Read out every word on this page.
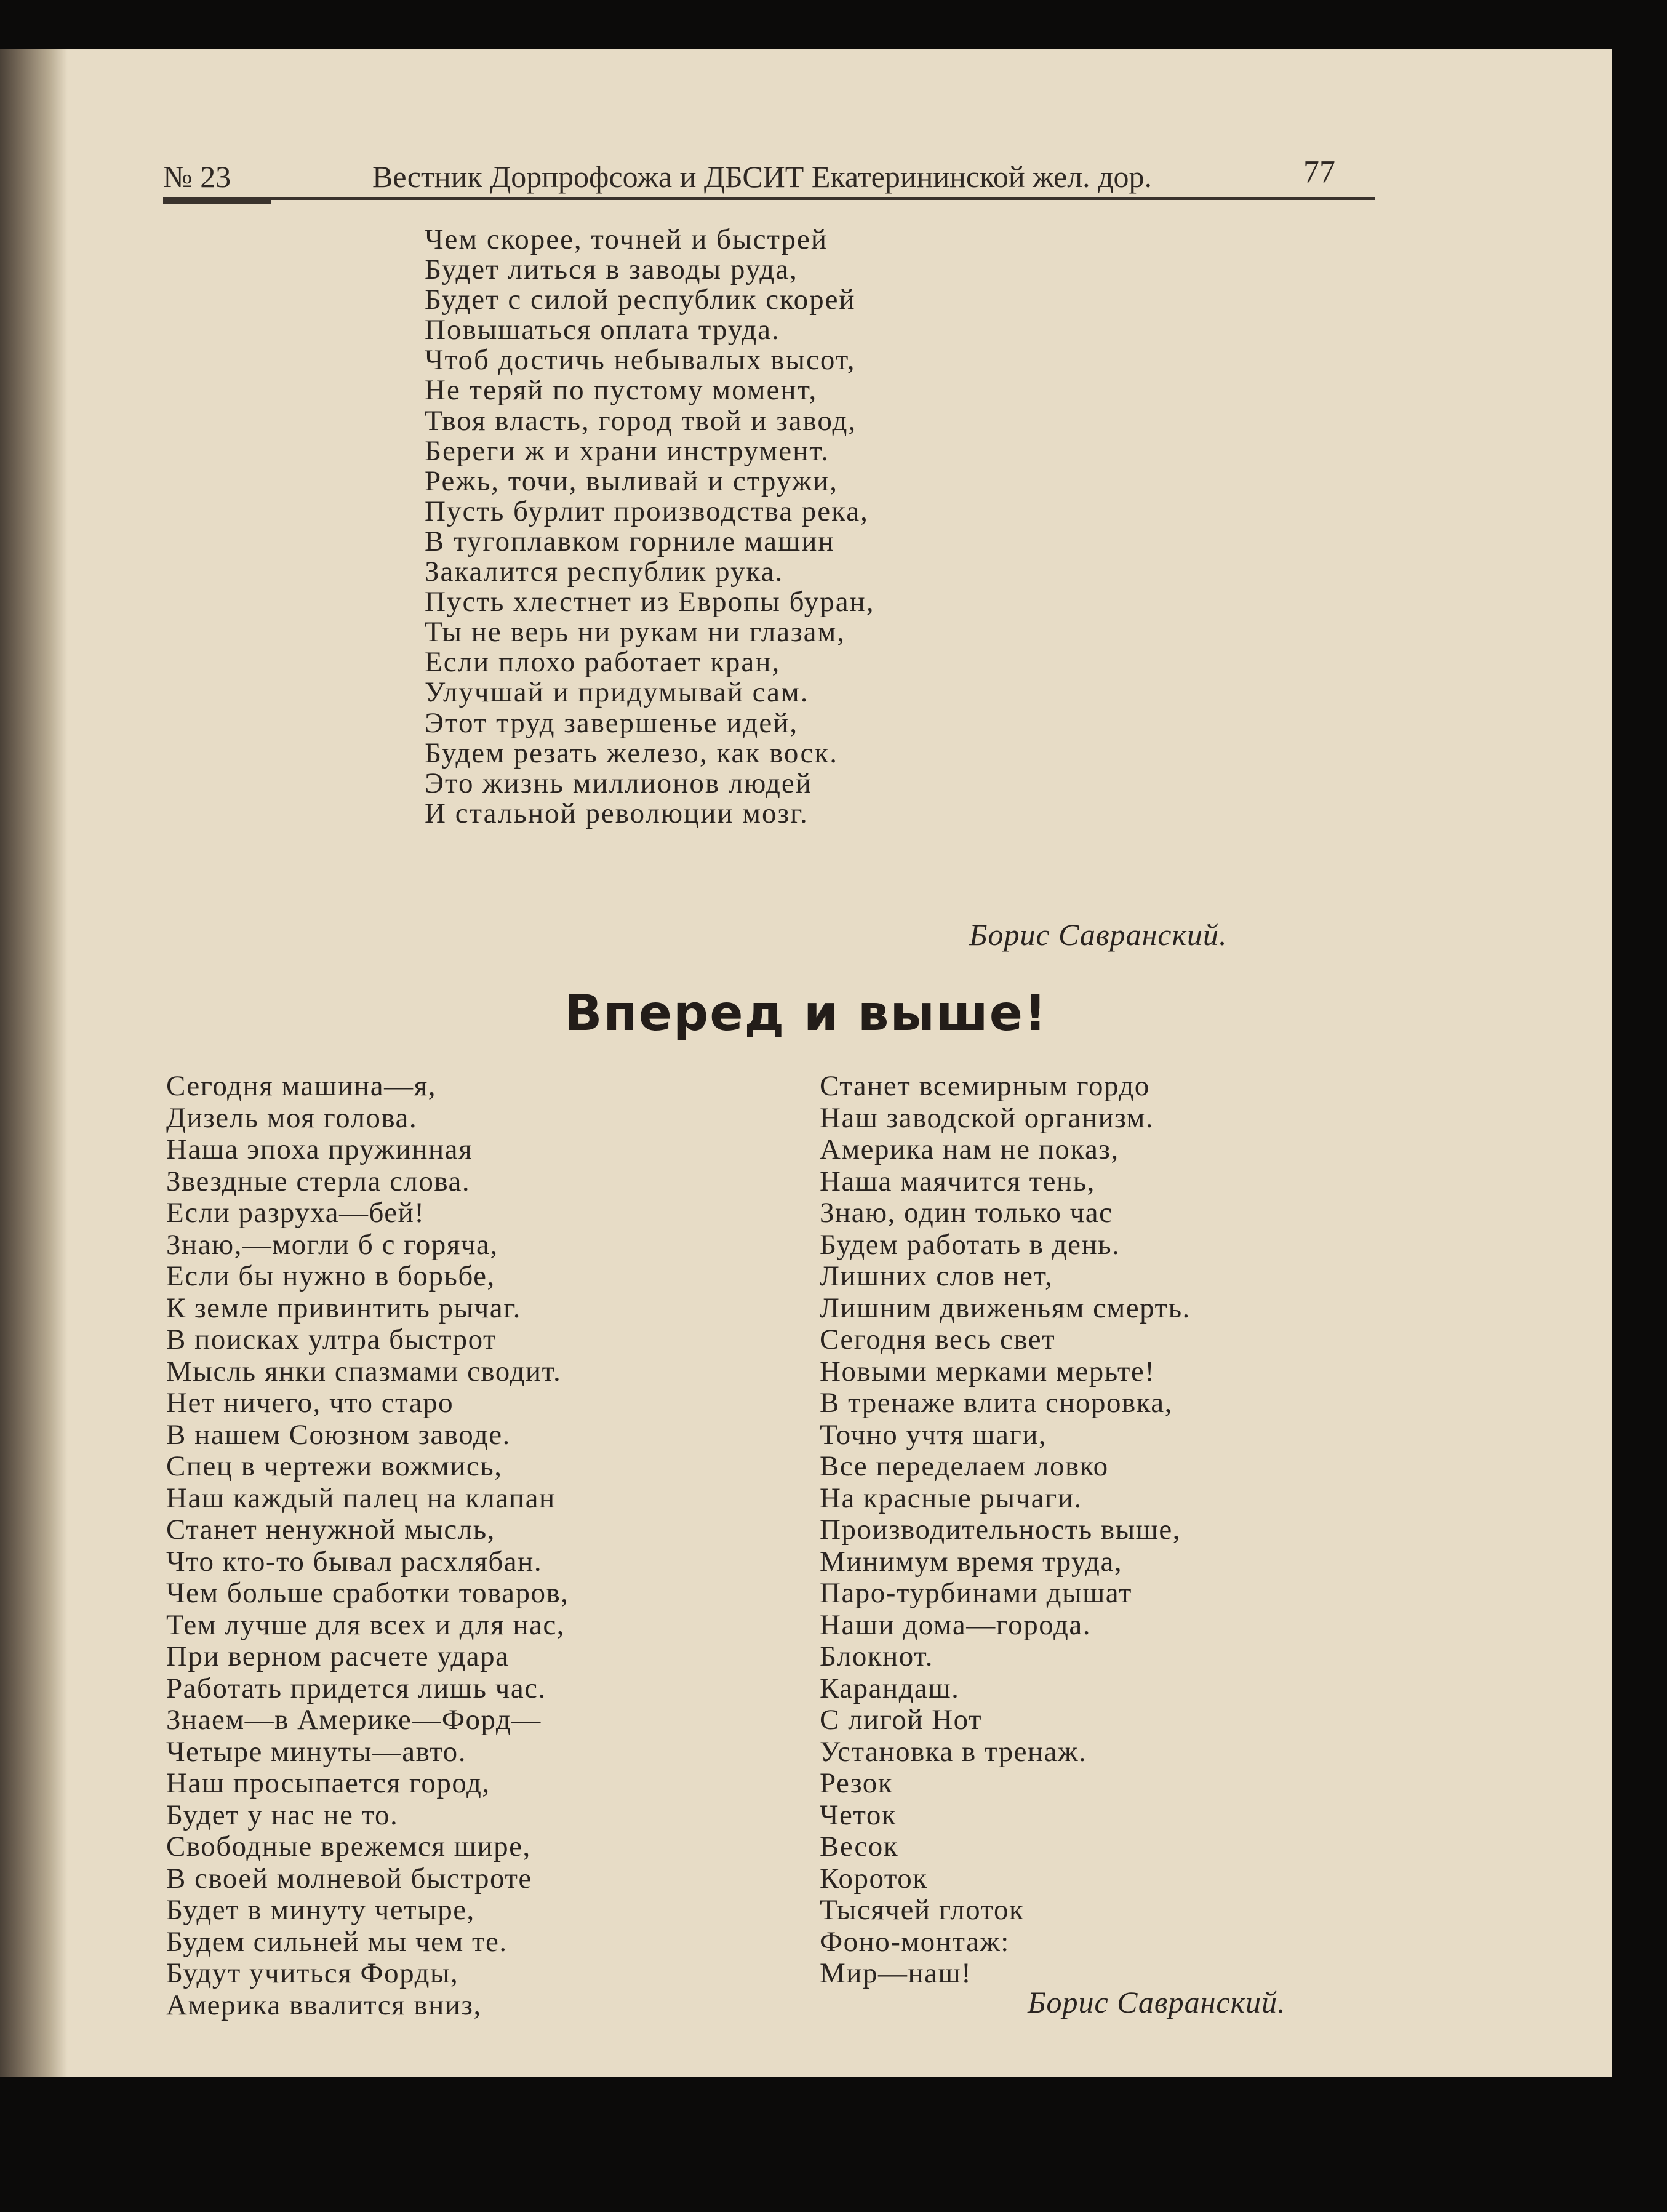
№ 23	Вестник Дорпрофсожа и ДБСИТ Екатерининской жел. дор.	77
Чем скорее, точней и быстрей
Будет литься в заводы руда,
Будет с силой республик скорей
Повышаться оплата труда.
Чтоб достичь небывалых высот,
Не теряй по пустому момент,
Твоя власть, город твой и завод,
Береги ж и храни инструмент.
Режь, точи, выливай и стружи,
Пусть бурлит производства река,
В тугоплавком горниле машин
Закалится республик рука.
Пусть хлестнет из Европы буран,
Ты не верь ни рукам ни глазам,
Если плохо работает кран,
Улучшай и придумывай сам.
Этот труд завершенье идей,
Будем резать железо, как воск.
Это жизнь миллионов людей
И стальной революции мозг.
Борис Савранский.
Вперед и выше!
Сегодня машина—я,
Дизель моя голова.
Наша эпоха пружинная
Звездные стерла слова.
Если разруха—бей!
Знаю,—могли б с горяча,
Если бы нужно в борьбе,
К земле привинтить рычаг.
В поисках ултра быстрот
Мысль янки спазмами сводит.
Нет ничего, что старо
В нашем Союзном заводе.
Спец в чертежи вожмись,
Наш каждый палец на клапан
Станет ненужной мысль,
Что кто-то бывал расхлябан.
Чем больше сработки товаров,
Тем лучше для всех и для нас,
При верном расчете удара
Работать придется лишь час.
Знаем—в Америке—Форд—
Четыре минуты—авто.
Наш просыпается город,
Будет у нас не то.
Свободные врежемся шире,
В своей молневой быстроте
Будет в минуту четыре,
Будем сильней мы чем те.
Будут учиться Форды,
Америка ввалится вниз,
Станет всемирным гордо
Наш заводской организм.
Америка нам не показ,
Наша маячится тень,
Знаю, один только час
Будем работать в день.
Лишних слов нет,
Лишним движеньям смерть.
Сегодня весь свет
Новыми мерками мерьте!
В тренаже влита сноровка,
Точно учтя шаги,
Все переделаем ловко
На красные рычаги.
Производительность выше,
Минимум время труда,
Паро-турбинами дышат
Наши дома—города.
Блокнот.
Карандаш.
С лигой Нот
Установка в тренаж.
Резок
Четок
Весок
Короток
Тысячей глоток
Фоно-монтаж:
Мир—наш!
Борис Савранский.
